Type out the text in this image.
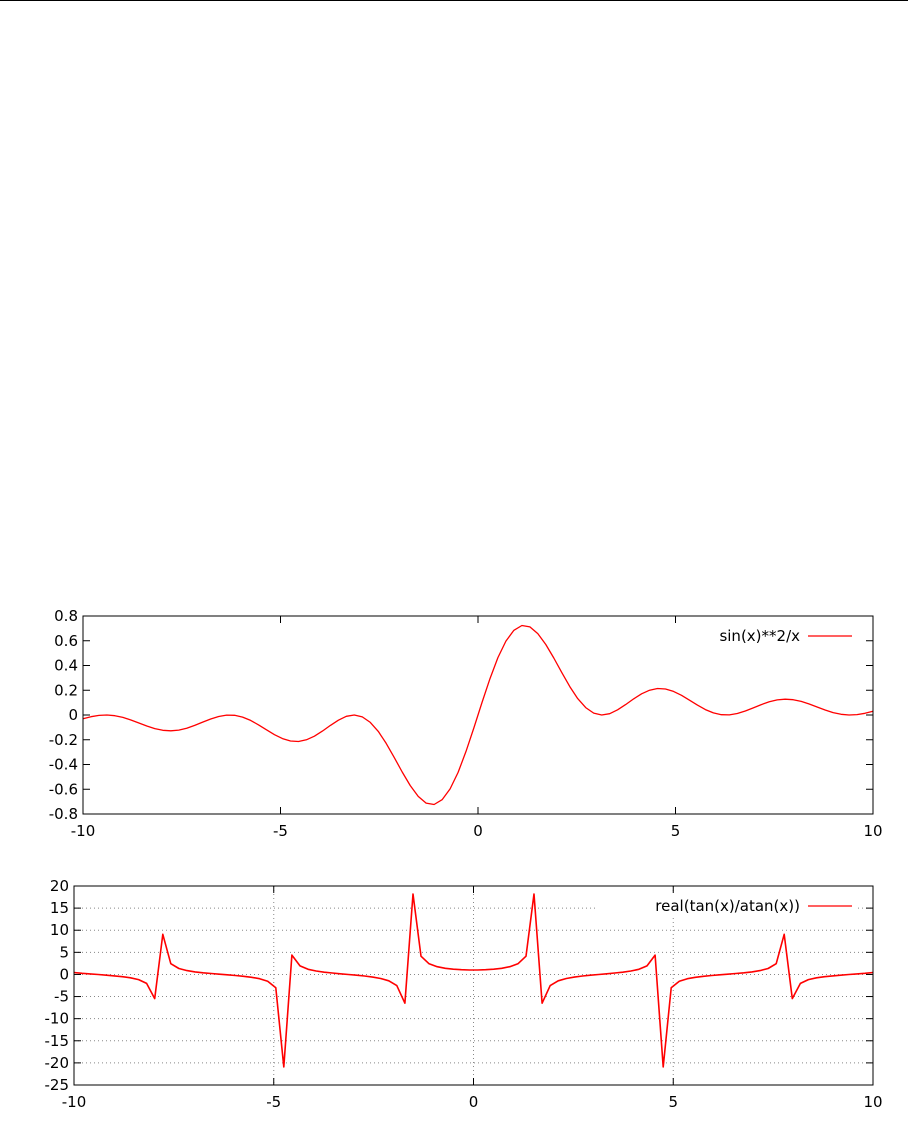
0.8
0.6
0.4
0.2
0
-0.2
-0.4
-0.6
-0.8
-10	-5	0	5	10
sin(x)**2/x
20
15
10
5
0
-5
-10
-15
-20
-25
-10	-5	0	5	10
real(tan(x)/atan(x))
